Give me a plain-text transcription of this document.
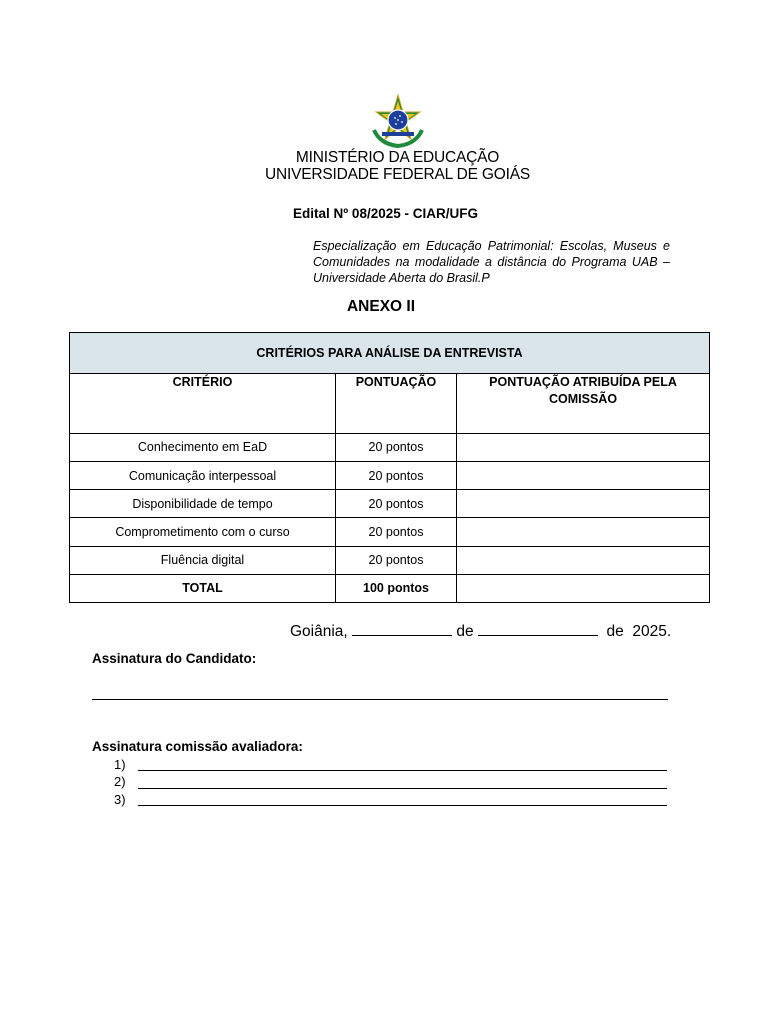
MINISTÉRIO DA EDUCAÇÃO
UNIVERSIDADE FEDERAL DE GOIÁS
Edital Nº 08/2025 - CIAR/UFG
Especialização em Educação Patrimonial: Escolas, Museus e Comunidades na modalidade a distância do Programa UAB – Universidade Aberta do Brasil.P
ANEXO II
CRITÉRIOS PARA ANÁLISE DA ENTREVISTA		
CRITÉRIO	PONTUAÇÃO	PONTUAÇÃO ATRIBUÍDA PELA COMISSÃO
Conhecimento em EaD	20 pontos	
Comunicação interpessoal	20 pontos	
Disponibilidade de tempo	20 pontos	
Comprometimento com o curso	20 pontos	
Fluência digital	20 pontos	
TOTAL	100 pontos	
Goiânia,	de	de 2025.
Assinatura do Candidato:
Assinatura comissão avaliadora:
1)
2)
3)
